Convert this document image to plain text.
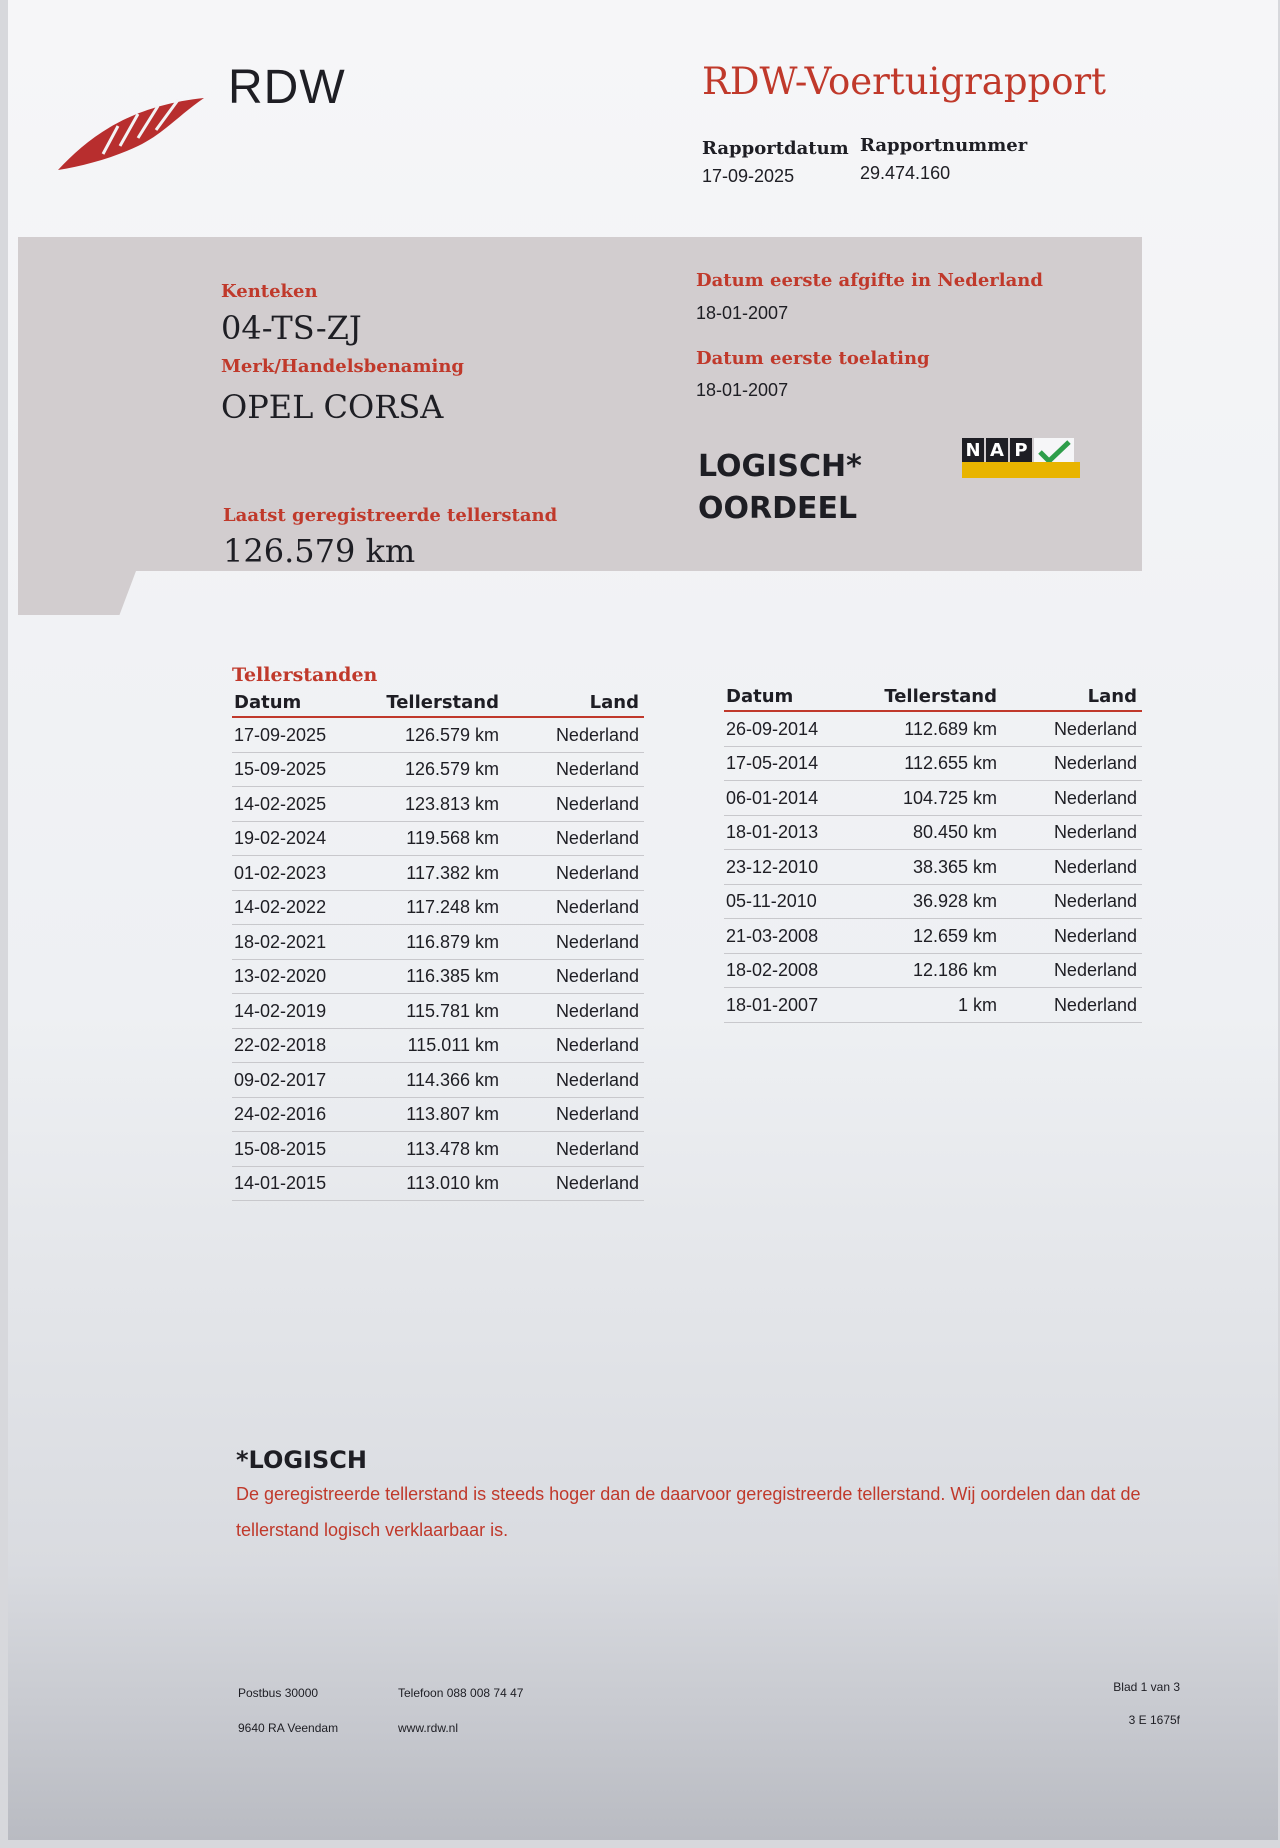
RDW	RDW-Voertuigrapport
Rapportdatum
17-09-2025
Rapportnummer
29.474.160
Kenteken
04-TS-ZJ
Merk/Handelsbenaming
OPEL CORSA
Laatst geregistreerde tellerstand
126.579 km
Datum eerste afgifte in Nederland
18-01-2007
Datum eerste toelating
18-01-2007
LOGISCH*
OORDEEL
N A P
Tellerstanden
Datum	Tellerstand	Land
17-09-2025	126.579 km	Nederland
15-09-2025	126.579 km	Nederland
14-02-2025	123.813 km	Nederland
19-02-2024	119.568 km	Nederland
01-02-2023	117.382 km	Nederland
14-02-2022	117.248 km	Nederland
18-02-2021	116.879 km	Nederland
13-02-2020	116.385 km	Nederland
14-02-2019	115.781 km	Nederland
22-02-2018	115.011 km	Nederland
09-02-2017	114.366 km	Nederland
24-02-2016	113.807 km	Nederland
15-08-2015	113.478 km	Nederland
14-01-2015	113.010 km	Nederland
Datum	Tellerstand	Land
26-09-2014	112.689 km	Nederland
17-05-2014	112.655 km	Nederland
06-01-2014	104.725 km	Nederland
18-01-2013	80.450 km	Nederland
23-12-2010	38.365 km	Nederland
05-11-2010	36.928 km	Nederland
21-03-2008	12.659 km	Nederland
18-02-2008	12.186 km	Nederland
18-01-2007	1 km	Nederland
*LOGISCH
De geregistreerde tellerstand is steeds hoger dan de daarvoor geregistreerde tellerstand. Wij oordelen dan dat de tellerstand logisch verklaarbaar is.
Postbus 30000
9640 RA Veendam
Telefoon 088 008 74 47
www.rdw.nl
Blad 1 van 3
3 E 1675f
